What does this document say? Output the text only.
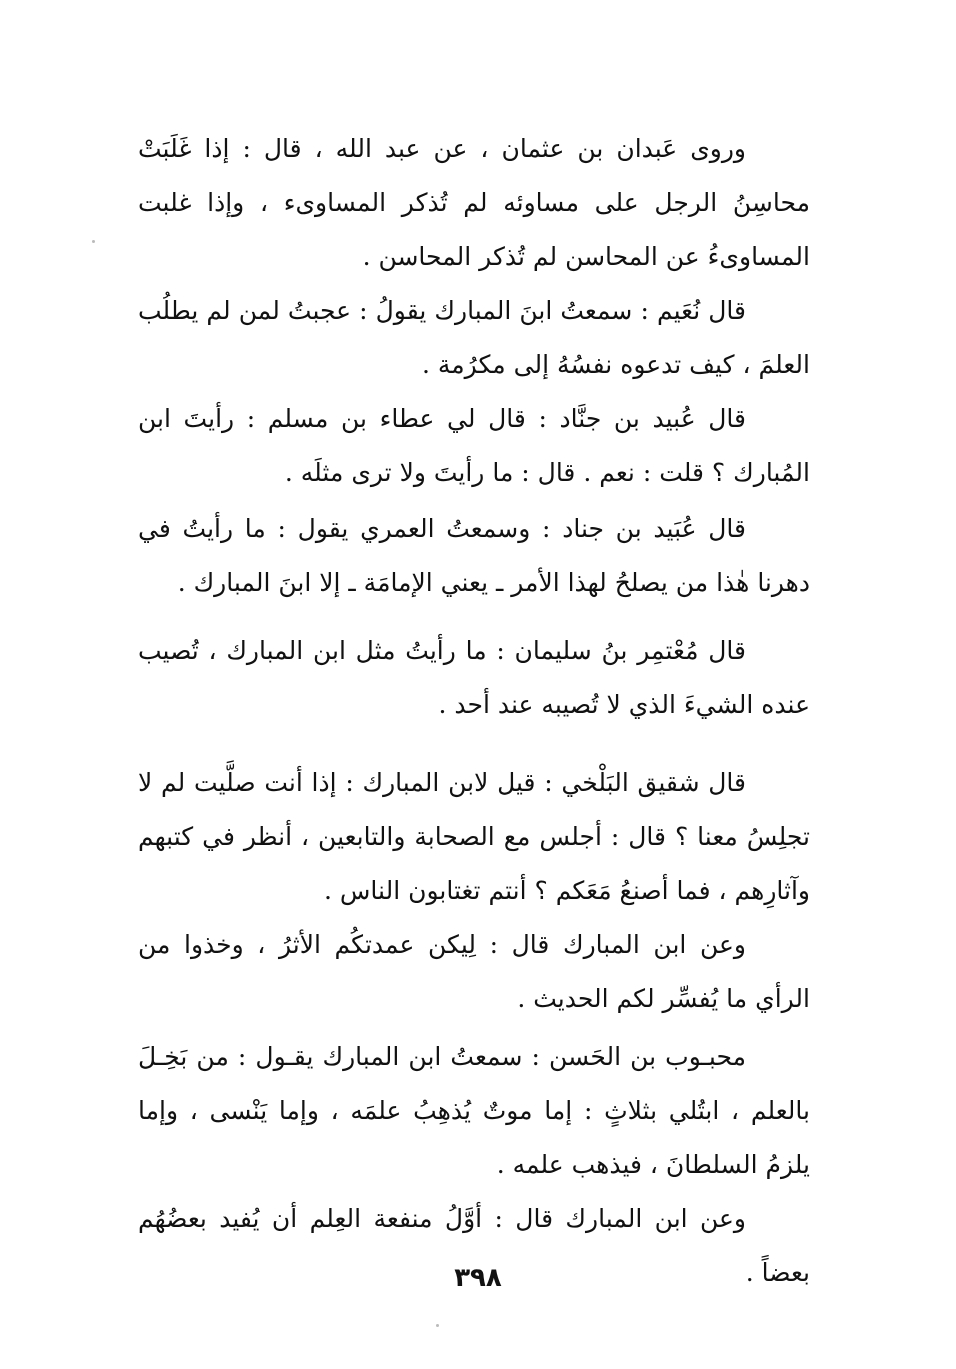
وروى عَبدان بن عثمان ، عن عبد الله ، قال : إذا غَلَبَتْ محاسِنُ الرجل على مساوئه لم تُذكر المساوىء ، وإذا غلبت المساوىءُ عن المحاسن لم تُذكر المحاسن .

قال نُعَيم : سمعتُ ابنَ المبارك يقولُ : عجبتُ لمن لم يطلُب العلمَ ، كيف تدعوه نفسُهُ إلى مكرُمة .

قال عُبيد بن جنَّاد : قال لي عطاء بن مسلم : رأيتَ ابن المُبارك ؟ قلت : نعم . قال : ما رأيتَ ولا ترى مثلَه .

قال عُبَيد بن جناد : وسمعتُ العمري يقول : ما رأيتُ في دهرنا هٰذا من يصلحُ لهذا الأمر ـ يعني الإمامَة ـ إلا ابنَ المبارك .

قال مُعْتمِر بنُ سليمان : ما رأيتُ مثل ابن المبارك ، تُصيب عنده الشيءَ الذي لا تُصيبه عند أحد .

قال شقيق البَلْخي : قيل لابن المبارك : إذا أنت صلَّيت لم لا تجلِسُ معنا ؟ قال : أجلس مع الصحابة والتابعين ، أنظر في كتبهم وآثارِهم ، فما أصنعُ مَعَكم ؟ أنتم تغتابون الناس .

وعن ابن المبارك قال : لِيكن عمدتكُم الأثرُ ، وخذوا من الرأي ما يُفسِّر لكم الحديث .

محبـوب بن الحَسن : سمعتُ ابن المبارك يقـول : من بَخِـلَ بالعلم ، ابتُلي بثلاثٍ : إما موتٌ يُذهِبُ علمَه ، وإما يَنْسى ، وإما يلزمُ السلطانَ ، فيذهب علمه .

وعن ابن المبارك قال : أوَّلُ منفعة العِلم أن يُفيد بعضُهُم بعضاً .

٣٩٨
